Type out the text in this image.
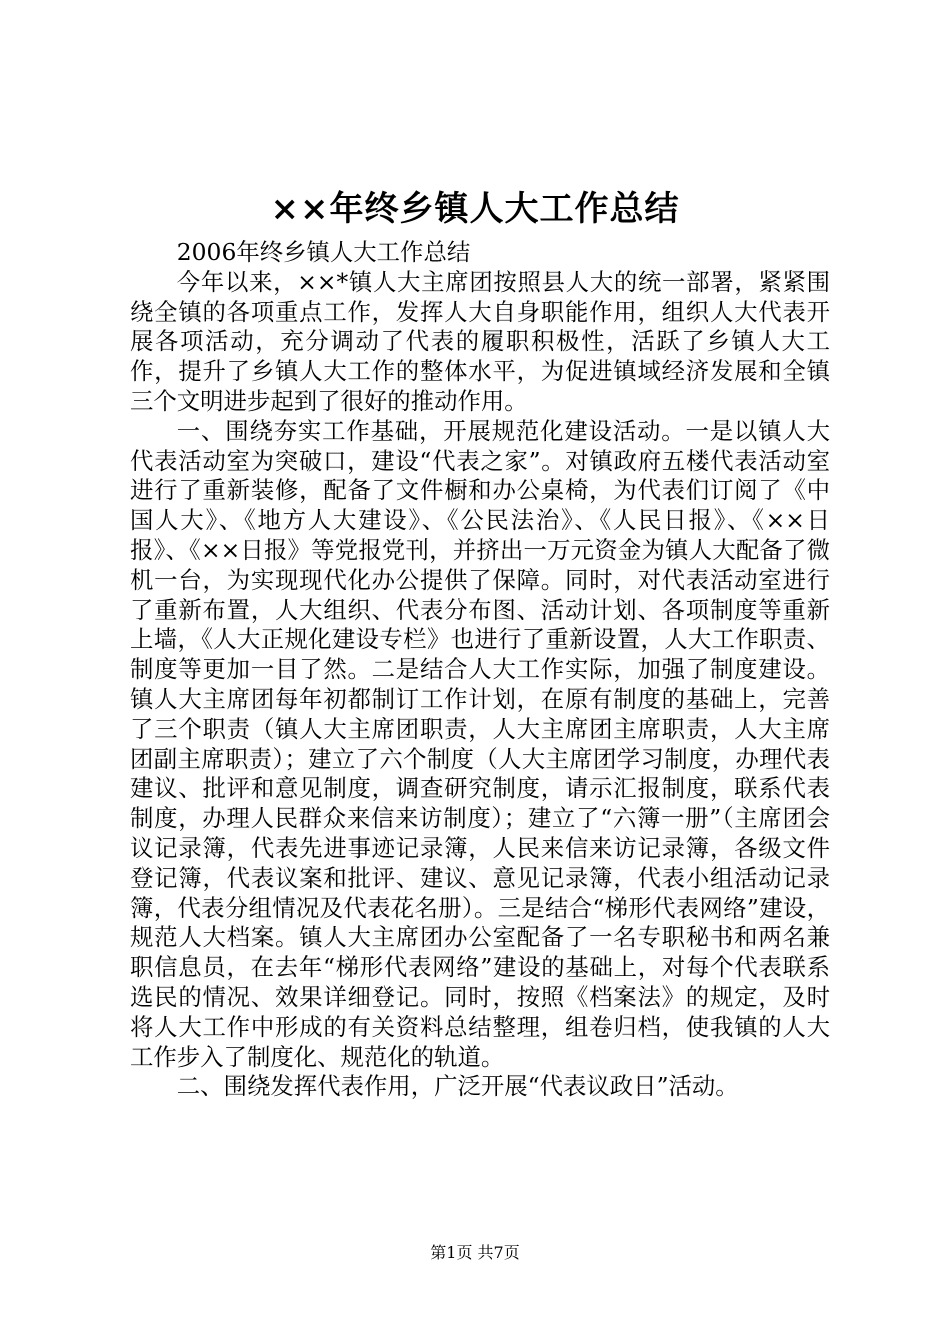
××年终乡镇人大工作总结

2006年终乡镇人大工作总结

今年以来，××*镇人大主席团按照县人大的统一部署，紧紧围绕全镇的各项重点工作，发挥人大自身职能作用，组织人大代表开展各项活动，充分调动了代表的履职积极性，活跃了乡镇人大工作，提升了乡镇人大工作的整体水平，为促进镇域经济发展和全镇三个文明进步起到了很好的推动作用。

一、围绕夯实工作基础，开展规范化建设活动。一是以镇人大代表活动室为突破口，建设“代表之家”。对镇政府五楼代表活动室进行了重新装修，配备了文件橱和办公桌椅，为代表们订阅了《中国人大》、《地方人大建设》、《公民法治》、《人民日报》、《××日报》、《××日报》等党报党刊，并挤出一万元资金为镇人大配备了微机一台，为实现现代化办公提供了保障。同时，对代表活动室进行了重新布置，人大组织、代表分布图、活动计划、各项制度等重新上墙，《人大正规化建设专栏》也进行了重新设置，人大工作职责、制度等更加一目了然。二是结合人大工作实际，加强了制度建设。镇人大主席团每年初都制订工作计划，在原有制度的基础上，完善了三个职责（镇人大主席团职责，人大主席团主席职责，人大主席团副主席职责）；建立了六个制度（人大主席团学习制度，办理代表建议、批评和意见制度，调查研究制度，请示汇报制度，联系代表制度，办理人民群众来信来访制度）；建立了“六簿一册”（主席团会议记录簿，代表先进事迹记录簿，人民来信来访记录簿，各级文件登记簿，代表议案和批评、建议、意见记录簿，代表小组活动记录簿，代表分组情况及代表花名册）。三是结合“梯形代表网络”建设，规范人大档案。镇人大主席团办公室配备了一名专职秘书和两名兼职信息员，在去年“梯形代表网络”建设的基础上，对每个代表联系选民的情况、效果详细登记。同时，按照《档案法》的规定，及时将人大工作中形成的有关资料总结整理，组卷归档，使我镇的人大工作步入了制度化、规范化的轨道。

二、围绕发挥代表作用，广泛开展“代表议政日”活动。

第1页 共7页
